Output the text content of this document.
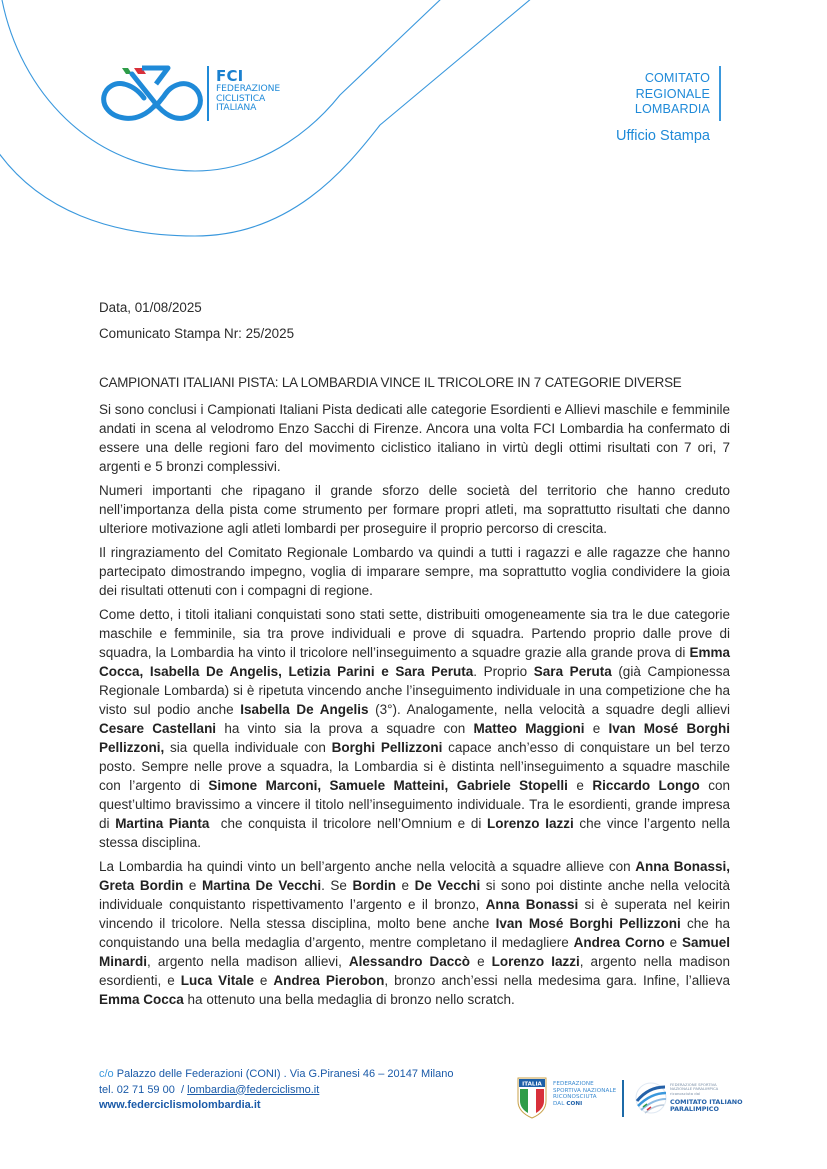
FCI
FEDERAZIONE
CICLISTICA
ITALIANA
COMITATO
REGIONALE
LOMBARDIA
Ufficio Stampa
Data, 01/08/2025
Comunicato Stampa Nr: 25/2025
CAMPIONATI ITALIANI PISTA: LA LOMBARDIA VINCE IL TRICOLORE IN 7 CATEGORIE DIVERSE

Si sono conclusi i Campionati Italiani Pista dedicati alle categorie Esordienti e Allievi maschile e femminile andati in scena al velodromo Enzo Sacchi di Firenze. Ancora una volta FCI Lombardia ha confermato di essere una delle regioni faro del movimento ciclistico italiano in virtù degli ottimi risultati con 7 ori, 7 argenti e 5 bronzi complessivi.

Numeri importanti che ripagano il grande sforzo delle società del territorio che hanno creduto nell’importanza della pista come strumento per formare propri atleti, ma soprattutto risultati che danno ulteriore motivazione agli atleti lombardi per proseguire il proprio percorso di crescita.

Il ringraziamento del Comitato Regionale Lombardo va quindi a tutti i ragazzi e alle ragazze che hanno partecipato dimostrando impegno, voglia di imparare sempre, ma soprattutto voglia condividere la gioia dei risultati ottenuti con i compagni di regione.

Come detto, i titoli italiani conquistati sono stati sette, distribuiti omogeneamente sia tra le due categorie maschile e femminile, sia tra prove individuali e prove di squadra. Partendo proprio dalle prove di squadra, la Lombardia ha vinto il tricolore nell’inseguimento a squadre grazie alla grande prova di Emma Cocca, Isabella De Angelis, Letizia Parini e Sara Peruta. Proprio Sara Peruta (già Campionessa Regionale Lombarda) si è ripetuta vincendo anche l’inseguimento individuale in una competizione che ha visto sul podio anche Isabella De Angelis (3°). Analogamente, nella velocità a squadre degli allievi Cesare Castellani ha vinto sia la prova a squadre con Matteo Maggioni e Ivan Mosé Borghi Pellizzoni, sia quella individuale con Borghi Pellizzoni capace anch’esso di conquistare un bel terzo posto. Sempre nelle prove a squadra, la Lombardia si è distinta nell’inseguimento a squadre maschile con l’argento di Simone Marconi, Samuele Matteini, Gabriele Stopelli e Riccardo Longo con quest’ultimo bravissimo a vincere il titolo nell’inseguimento individuale. Tra le esordienti, grande impresa di Martina Pianta  che conquista il tricolore nell’Omnium e di Lorenzo Iazzi che vince l’argento nella stessa disciplina.

La Lombardia ha quindi vinto un bell’argento anche nella velocità a squadre allieve con Anna Bonassi, Greta Bordin e Martina De Vecchi. Se Bordin e De Vecchi si sono poi distinte anche nella velocità individuale conquistanto rispettivamento l’argento e il bronzo, Anna Bonassi si è superata nel keirin vincendo il tricolore. Nella stessa disciplina, molto bene anche Ivan Mosé Borghi Pellizzoni che ha conquistando una bella medaglia d’argento, mentre completano il medagliere Andrea Corno e Samuel Minardi, argento nella madison allievi, Alessandro Daccò e Lorenzo Iazzi, argento nella madison esordienti, e Luca Vitale e Andrea Pierobon, bronzo anch’essi nella medesima gara. Infine, l’allieva Emma Cocca ha ottenuto una bella medaglia di bronzo nello scratch.

c/o Palazzo delle Federazioni (CONI) . Via G.Piranesi 46 – 20147 Milano
tel. 02 71 59 00  / lombardia@federciclismo.it
www.federciclismolombardia.it
ITALIA FEDERAZIONE
SPORTIVA NAZIONALE
RICONOSCIUTA
DAL CONI
FEDERAZIONE SPORTIVA
NAZIONALE PARALIMPICA
riconosciuta dal
COMITATO ITALIANO
PARALIMPICO
